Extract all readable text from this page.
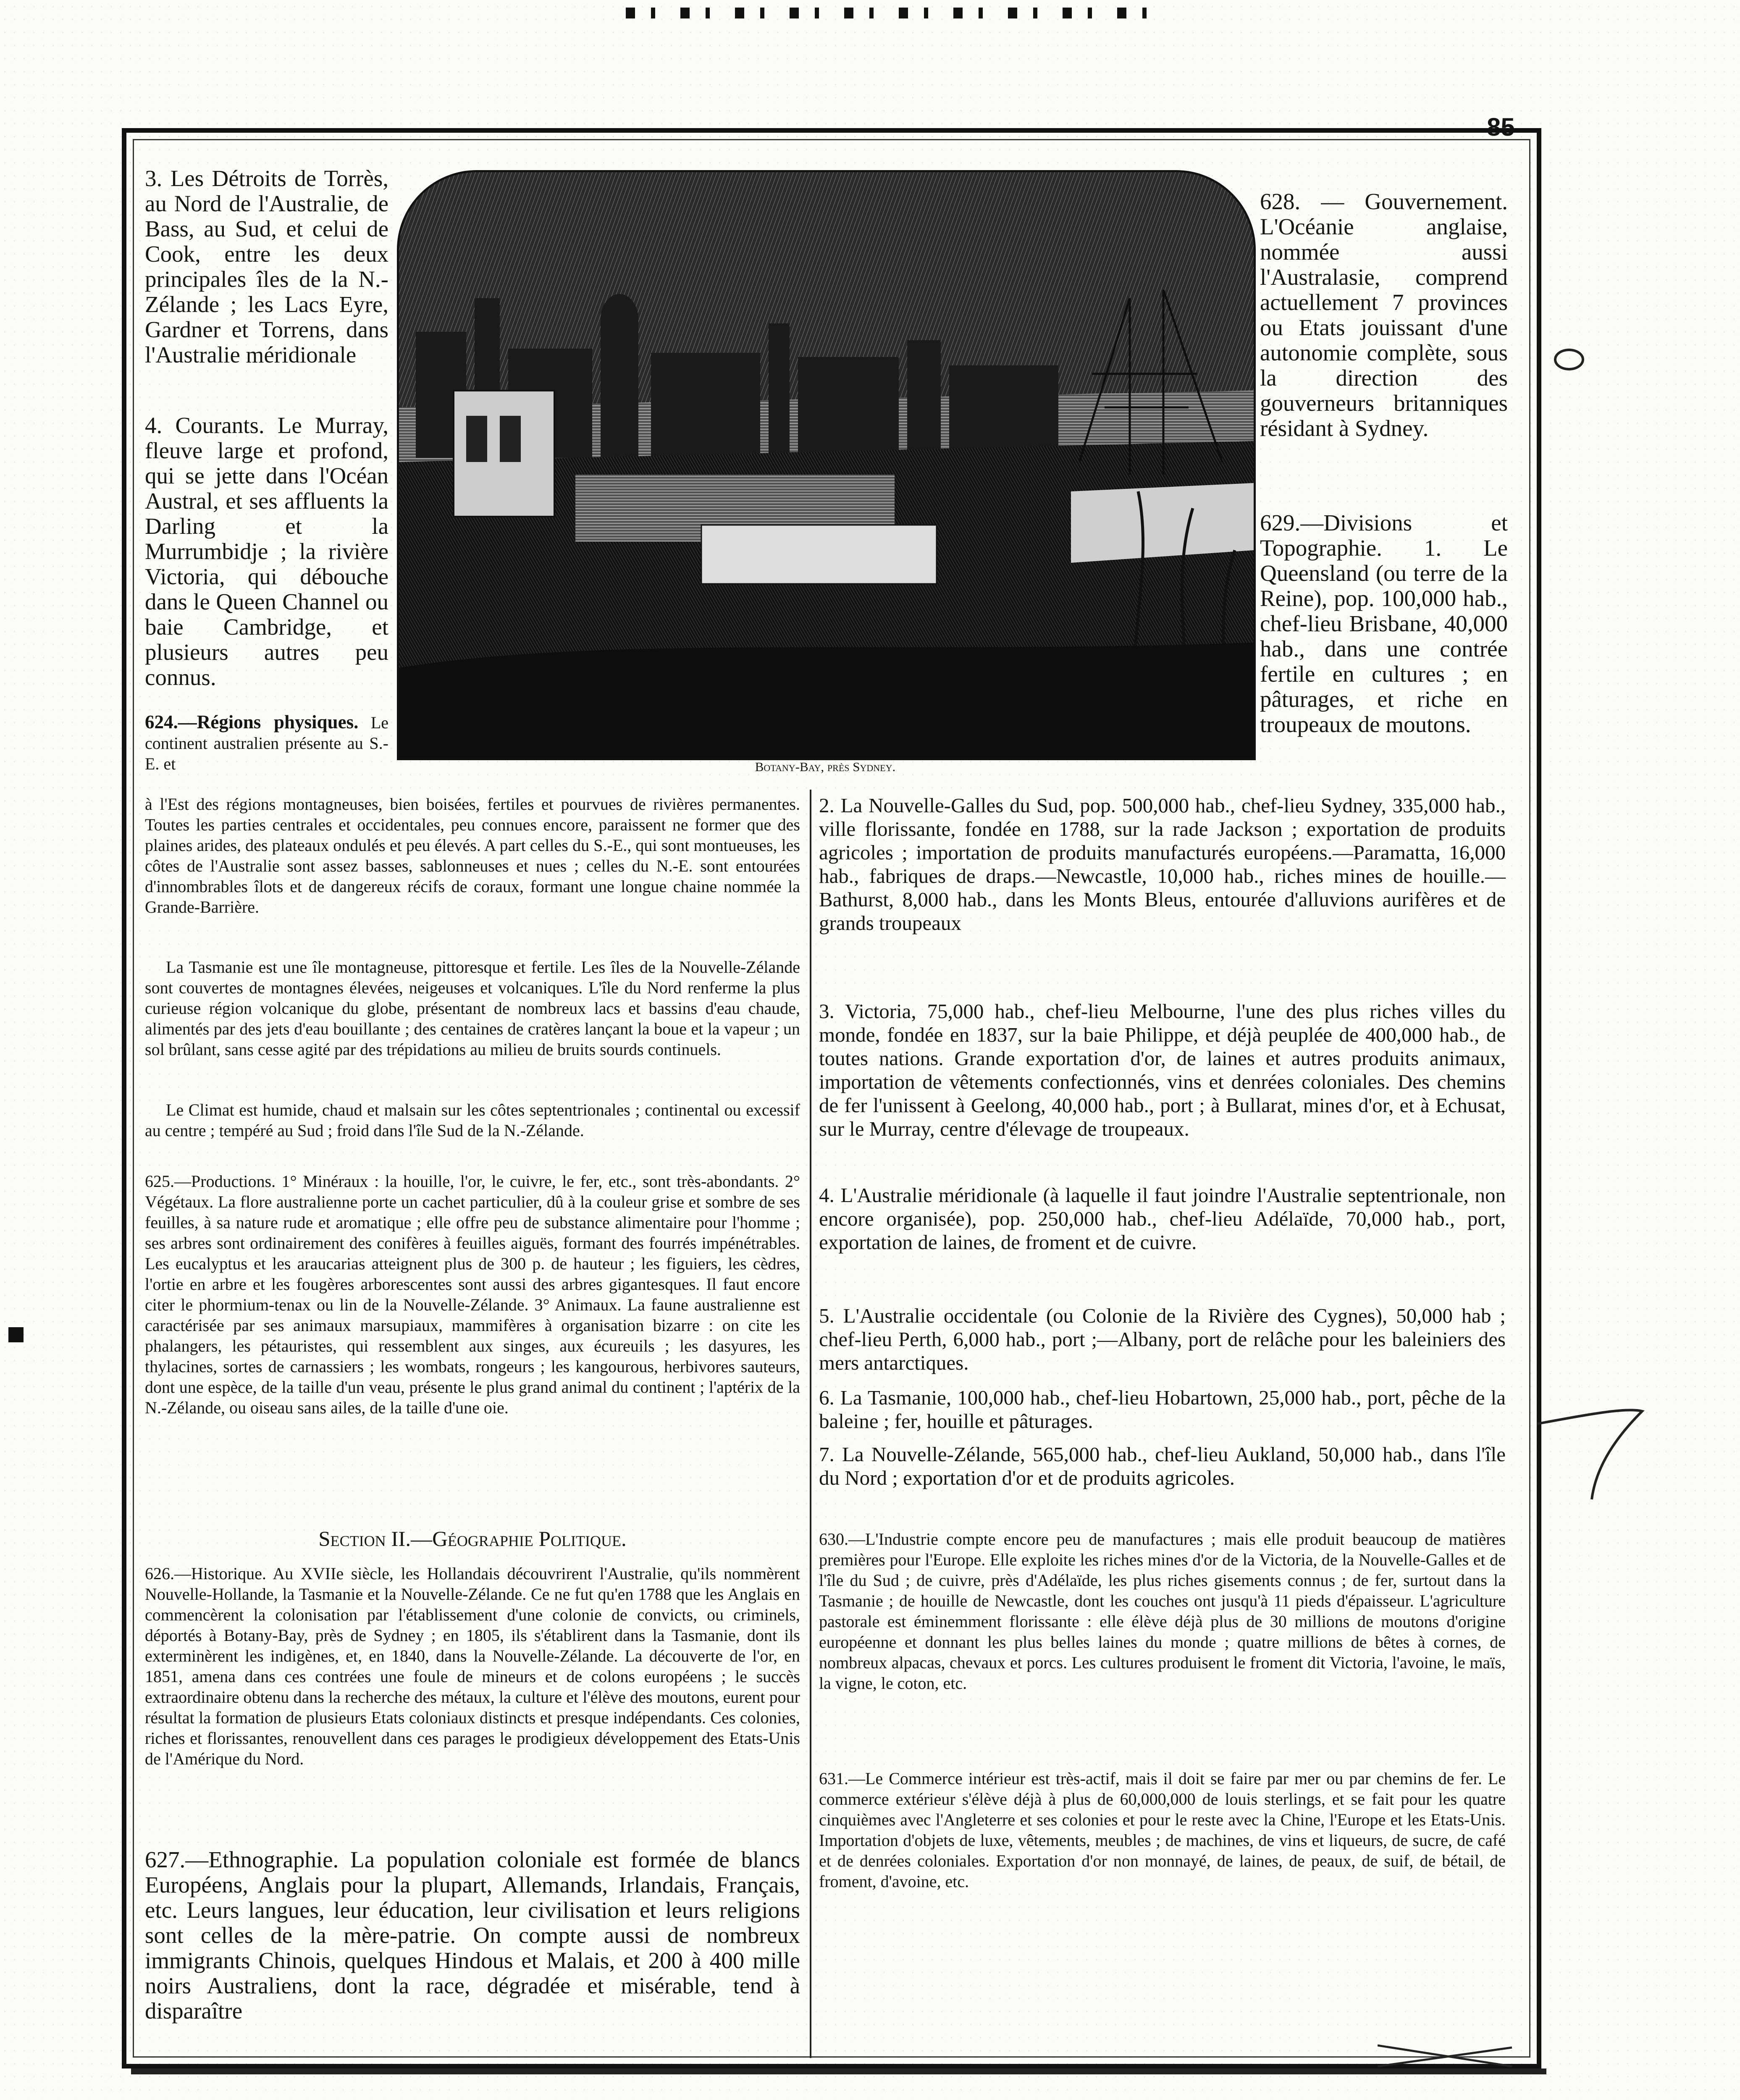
85

3. Les Détroits de Torrès, au Nord de l'Australie, de Bass, au Sud, et celui de Cook, entre les deux principales îles de la N.-Zélande ; les Lacs Eyre, Gardner et Torrens, dans l'Australie méridionale

4. Courants. Le Murray, fleuve large et profond, qui se jette dans l'Océan Austral, et ses affluents la Darling et la Murrumbidje ; la rivière Victoria, qui débouche dans le Queen Channel ou baie Cambridge, et plusieurs autres peu connus.

624.—Régions physiques. Le continent australien présente au S.-E. et

à l'Est des régions montagneuses, bien boisées, fertiles et pourvues de rivières permanentes. Toutes les parties centrales et occidentales, peu connues encore, paraissent ne former que des plaines arides, des plateaux ondulés et peu élevés. A part celles du S.-E., qui sont montueuses, les côtes de l'Australie sont assez basses, sablonneuses et nues ; celles du N.-E. sont entourées d'innombrables îlots et de dangereux récifs de coraux, formant une longue chaine nommée la Grande-Barrière.

La Tasmanie est une île montagneuse, pittoresque et fertile. Les îles de la Nouvelle-Zélande sont couvertes de montagnes élevées, neigeuses et volcaniques. L'île du Nord renferme la plus curieuse région volcanique du globe, présentant de nombreux lacs et bassins d'eau chaude, alimentés par des jets d'eau bouillante ; des centaines de cratères lançant la boue et la vapeur ; un sol brûlant, sans cesse agité par des trépidations au milieu de bruits sourds continuels.

Le Climat est humide, chaud et malsain sur les côtes septentrionales ; continental ou excessif au centre ; tempéré au Sud ; froid dans l'île Sud de la N.-Zélande.

625.—Productions. 1° Minéraux : la houille, l'or, le cuivre, le fer, etc., sont très-abondants. 2° Végétaux. La flore australienne porte un cachet particulier, dû à la couleur grise et sombre de ses feuilles, à sa nature rude et aromatique ; elle offre peu de substance alimentaire pour l'homme ; ses arbres sont ordinairement des conifères à feuilles aiguës, formant des fourrés impénétrables. Les eucalyptus et les araucarias atteignent plus de 300 p. de hauteur ; les figuiers, les cèdres, l'ortie en arbre et les fougères arborescentes sont aussi des arbres gigantesques. Il faut encore citer le phormium-tenax ou lin de la Nouvelle-Zélande. 3° Animaux. La faune australienne est caractérisée par ses animaux marsupiaux, mammifères à organisation bizarre : on cite les phalangers, les pétauristes, qui ressemblent aux singes, aux écureuils ; les dasyures, les thylacines, sortes de carnassiers ; les wombats, rongeurs ; les kangourous, herbivores sauteurs, dont une espèce, de la taille d'un veau, présente le plus grand animal du continent ; l'aptérix de la N.-Zélande, ou oiseau sans ailes, de la taille d'une oie.

Section II.—Géographie Politique.

626.—Historique. Au XVIIe siècle, les Hollandais découvrirent l'Australie, qu'ils nommèrent Nouvelle-Hollande, la Tasmanie et la Nouvelle-Zélande. Ce ne fut qu'en 1788 que les Anglais en commencèrent la colonisation par l'établissement d'une colonie de convicts, ou criminels, déportés à Botany-Bay, près de Sydney ; en 1805, ils s'établirent dans la Tasmanie, dont ils exterminèrent les indigènes, et, en 1840, dans la Nouvelle-Zélande. La découverte de l'or, en 1851, amena dans ces contrées une foule de mineurs et de colons européens ; le succès extraordinaire obtenu dans la recherche des métaux, la culture et l'élève des moutons, eurent pour résultat la formation de plusieurs Etats coloniaux distincts et presque indépendants. Ces colonies, riches et florissantes, renouvellent dans ces parages le prodigieux développement des Etats-Unis de l'Amérique du Nord.

627.—Ethnographie. La population coloniale est formée de blancs Européens, Anglais pour la plupart, Allemands, Irlandais, Français, etc. Leurs langues, leur éducation, leur civilisation et leurs religions sont celles de la mère-patrie. On compte aussi de nombreux immigrants Chinois, quelques Hindous et Malais, et 200 à 400 mille noirs Australiens, dont la race, dégradée et misérable, tend à disparaître

Botany-Bay, près Sydney.

628. — Gouvernement. L'Océanie anglaise, nommée aussi l'Australasie, comprend actuellement 7 provinces ou Etats jouissant d'une autonomie complète, sous la direction des gouverneurs britanniques résidant à Sydney.

629.—Divisions et Topographie. 1. Le Queensland (ou terre de la Reine), pop. 100,000 hab., chef-lieu Brisbane, 40,000 hab., dans une contrée fertile en cultures ; en pâturages, et riche en troupeaux de moutons.

2. La Nouvelle-Galles du Sud, pop. 500,000 hab., chef-lieu Sydney, 335,000 hab., ville florissante, fondée en 1788, sur la rade Jackson ; exportation de produits agricoles ; importation de produits manufacturés européens.—Paramatta, 16,000 hab., fabriques de draps.—Newcastle, 10,000 hab., riches mines de houille.—Bathurst, 8,000 hab., dans les Monts Bleus, entourée d'alluvions aurifères et de grands troupeaux

3. Victoria, 75,000 hab., chef-lieu Melbourne, l'une des plus riches villes du monde, fondée en 1837, sur la baie Philippe, et déjà peuplée de 400,000 hab., de toutes nations. Grande exportation d'or, de laines et autres produits animaux, importation de vêtements confectionnés, vins et denrées coloniales. Des chemins de fer l'unissent à Geelong, 40,000 hab., port ; à Bullarat, mines d'or, et à Echusat, sur le Murray, centre d'élevage de troupeaux.

4. L'Australie méridionale (à laquelle il faut joindre l'Australie septentrionale, non encore organisée), pop. 250,000 hab., chef-lieu Adélaïde, 70,000 hab., port, exportation de laines, de froment et de cuivre.

5. L'Australie occidentale (ou Colonie de la Rivière des Cygnes), 50,000 hab ; chef-lieu Perth, 6,000 hab., port ;—Albany, port de relâche pour les baleiniers des mers antarctiques.

6. La Tasmanie, 100,000 hab., chef-lieu Hobartown, 25,000 hab., port, pêche de la baleine ; fer, houille et pâturages.

7. La Nouvelle-Zélande, 565,000 hab., chef-lieu Aukland, 50,000 hab., dans l'île du Nord ; exportation d'or et de produits agricoles.

630.—L'Industrie compte encore peu de manufactures ; mais elle produit beaucoup de matières premières pour l'Europe. Elle exploite les riches mines d'or de la Victoria, de la Nouvelle-Galles et de l'île du Sud ; de cuivre, près d'Adélaïde, les plus riches gisements connus ; de fer, surtout dans la Tasmanie ; de houille de Newcastle, dont les couches ont jusqu'à 11 pieds d'épaisseur. L'agriculture pastorale est éminemment florissante : elle élève déjà plus de 30 millions de moutons d'origine européenne et donnant les plus belles laines du monde ; quatre millions de bêtes à cornes, de nombreux alpacas, chevaux et porcs. Les cultures produisent le froment dit Victoria, l'avoine, le maïs, la vigne, le coton, etc.

631.—Le Commerce intérieur est très-actif, mais il doit se faire par mer ou par chemins de fer. Le commerce extérieur s'élève déjà à plus de 60,000,000 de louis sterlings, et se fait pour les quatre cinquièmes avec l'Angleterre et ses colonies et pour le reste avec la Chine, l'Europe et les Etats-Unis. Importation d'objets de luxe, vêtements, meubles ; de machines, de vins et liqueurs, de sucre, de café et de denrées coloniales. Exportation d'or non monnayé, de laines, de peaux, de suif, de bétail, de froment, d'avoine, etc.
